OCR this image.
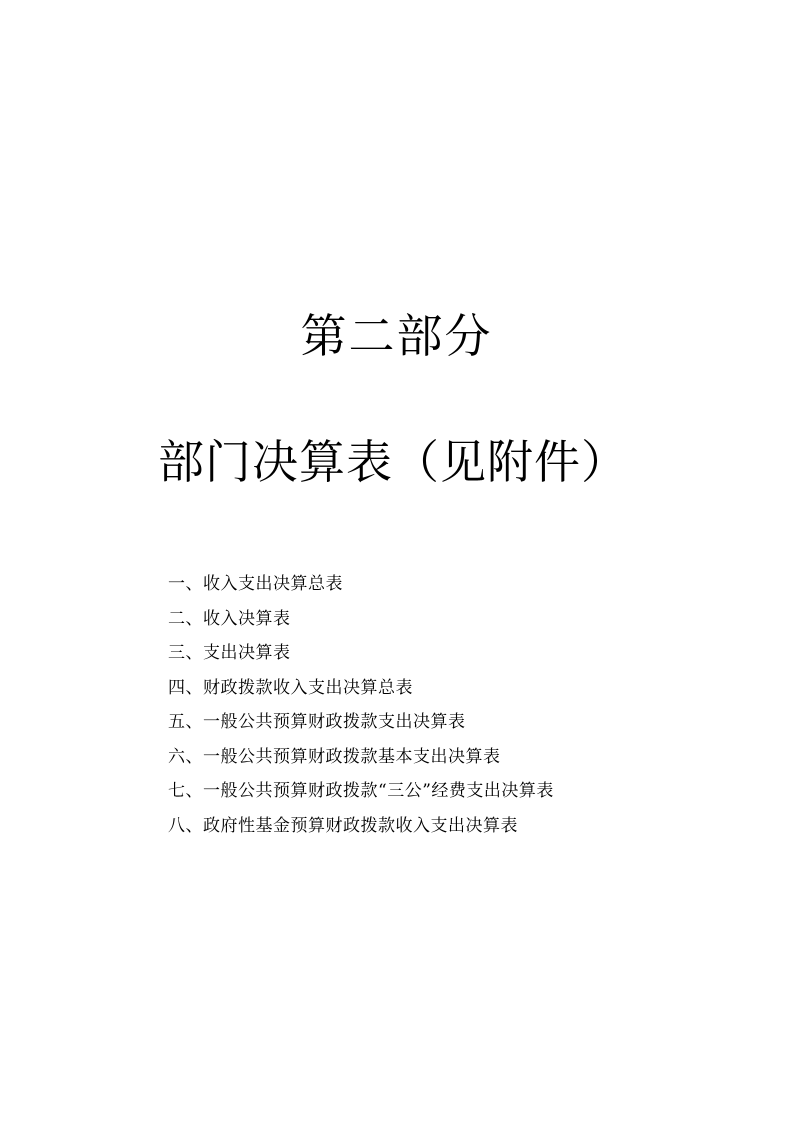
第二部分
部门决算表（见附件）
一、收入支出决算总表
二、收入决算表
三、支出决算表
四、财政拨款收入支出决算总表
五、一般公共预算财政拨款支出决算表
六、一般公共预算财政拨款基本支出决算表
七、一般公共预算财政拨款“三公”经费支出决算表
八、政府性基金预算财政拨款收入支出决算表
